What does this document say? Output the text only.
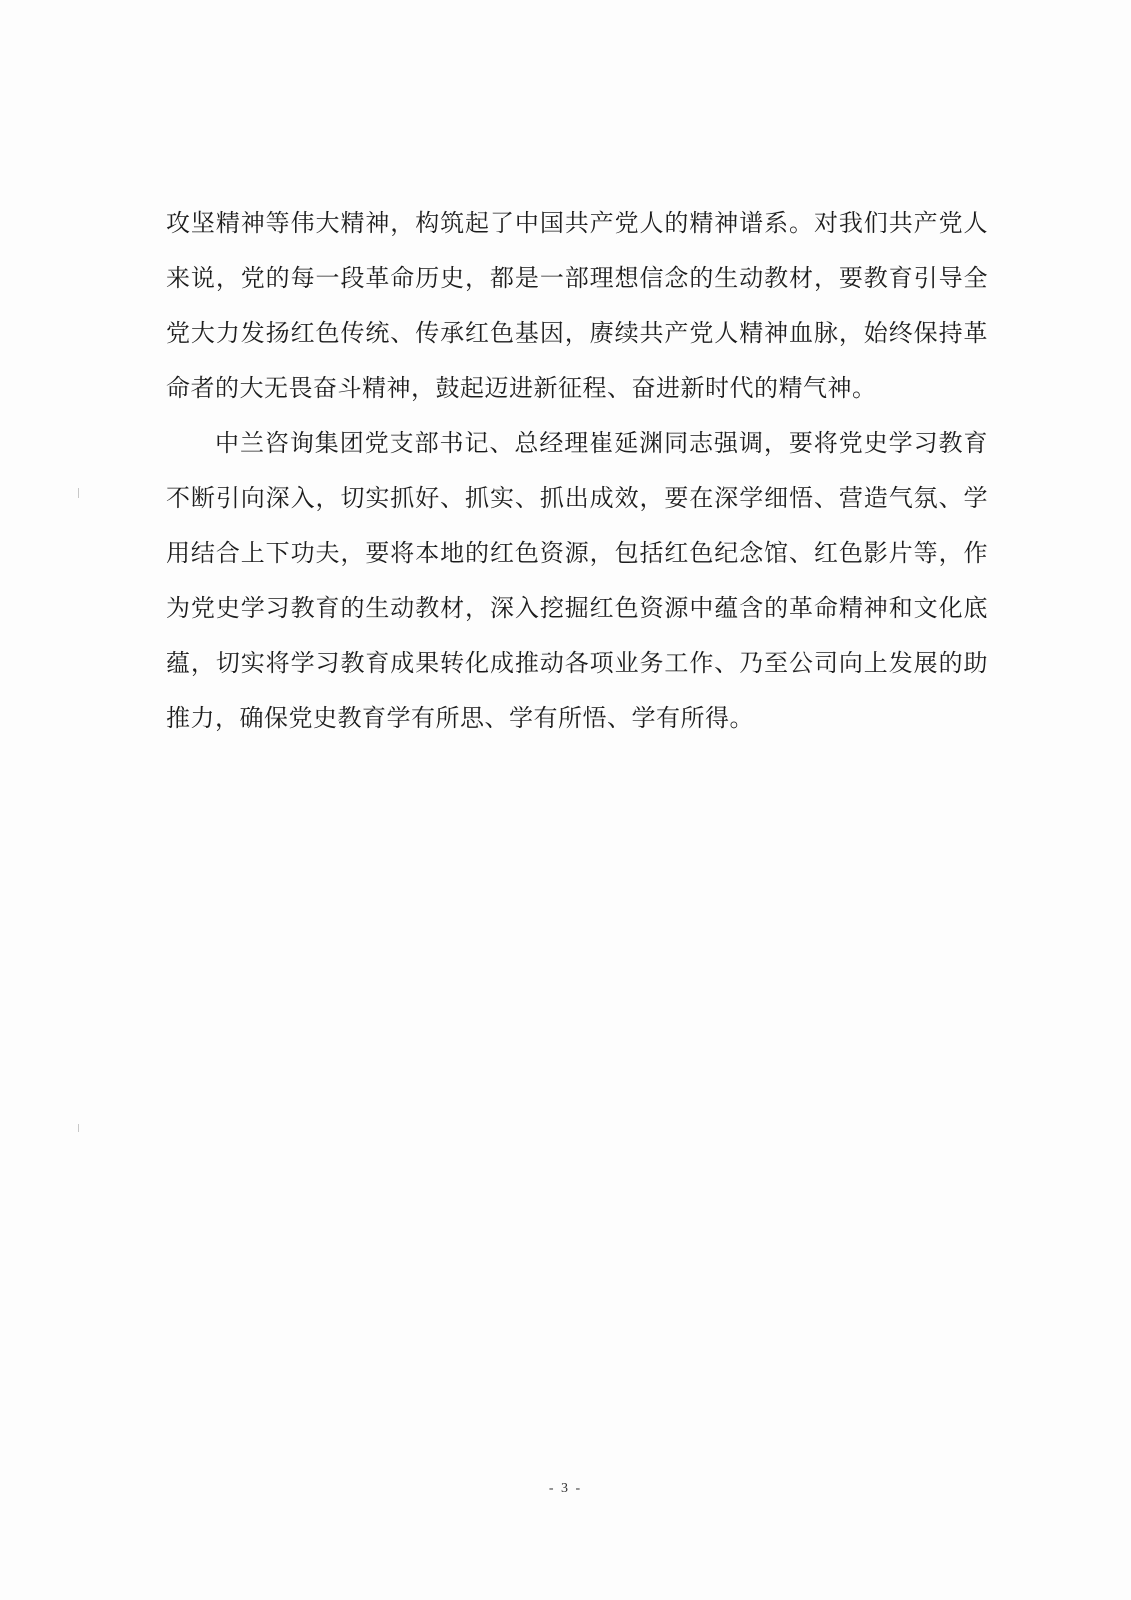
攻坚精神等伟大精神，构筑起了中国共产党人的精神谱系。对我们共产党人
来说，党的每一段革命历史，都是一部理想信念的生动教材，要教育引导全
党大力发扬红色传统、传承红色基因，赓续共产党人精神血脉，始终保持革
命者的大无畏奋斗精神，鼓起迈进新征程、奋进新时代的精气神。

中兰咨询集团党支部书记、总经理崔延渊同志强调，要将党史学习教育
不断引向深入，切实抓好、抓实、抓出成效，要在深学细悟、营造气氛、学
用结合上下功夫，要将本地的红色资源，包括红色纪念馆、红色影片等，作
为党史学习教育的生动教材，深入挖掘红色资源中蕴含的革命精神和文化底
蕴，切实将学习教育成果转化成推动各项业务工作、乃至公司向上发展的助
推力，确保党史教育学有所思、学有所悟、学有所得。

- 3 -
